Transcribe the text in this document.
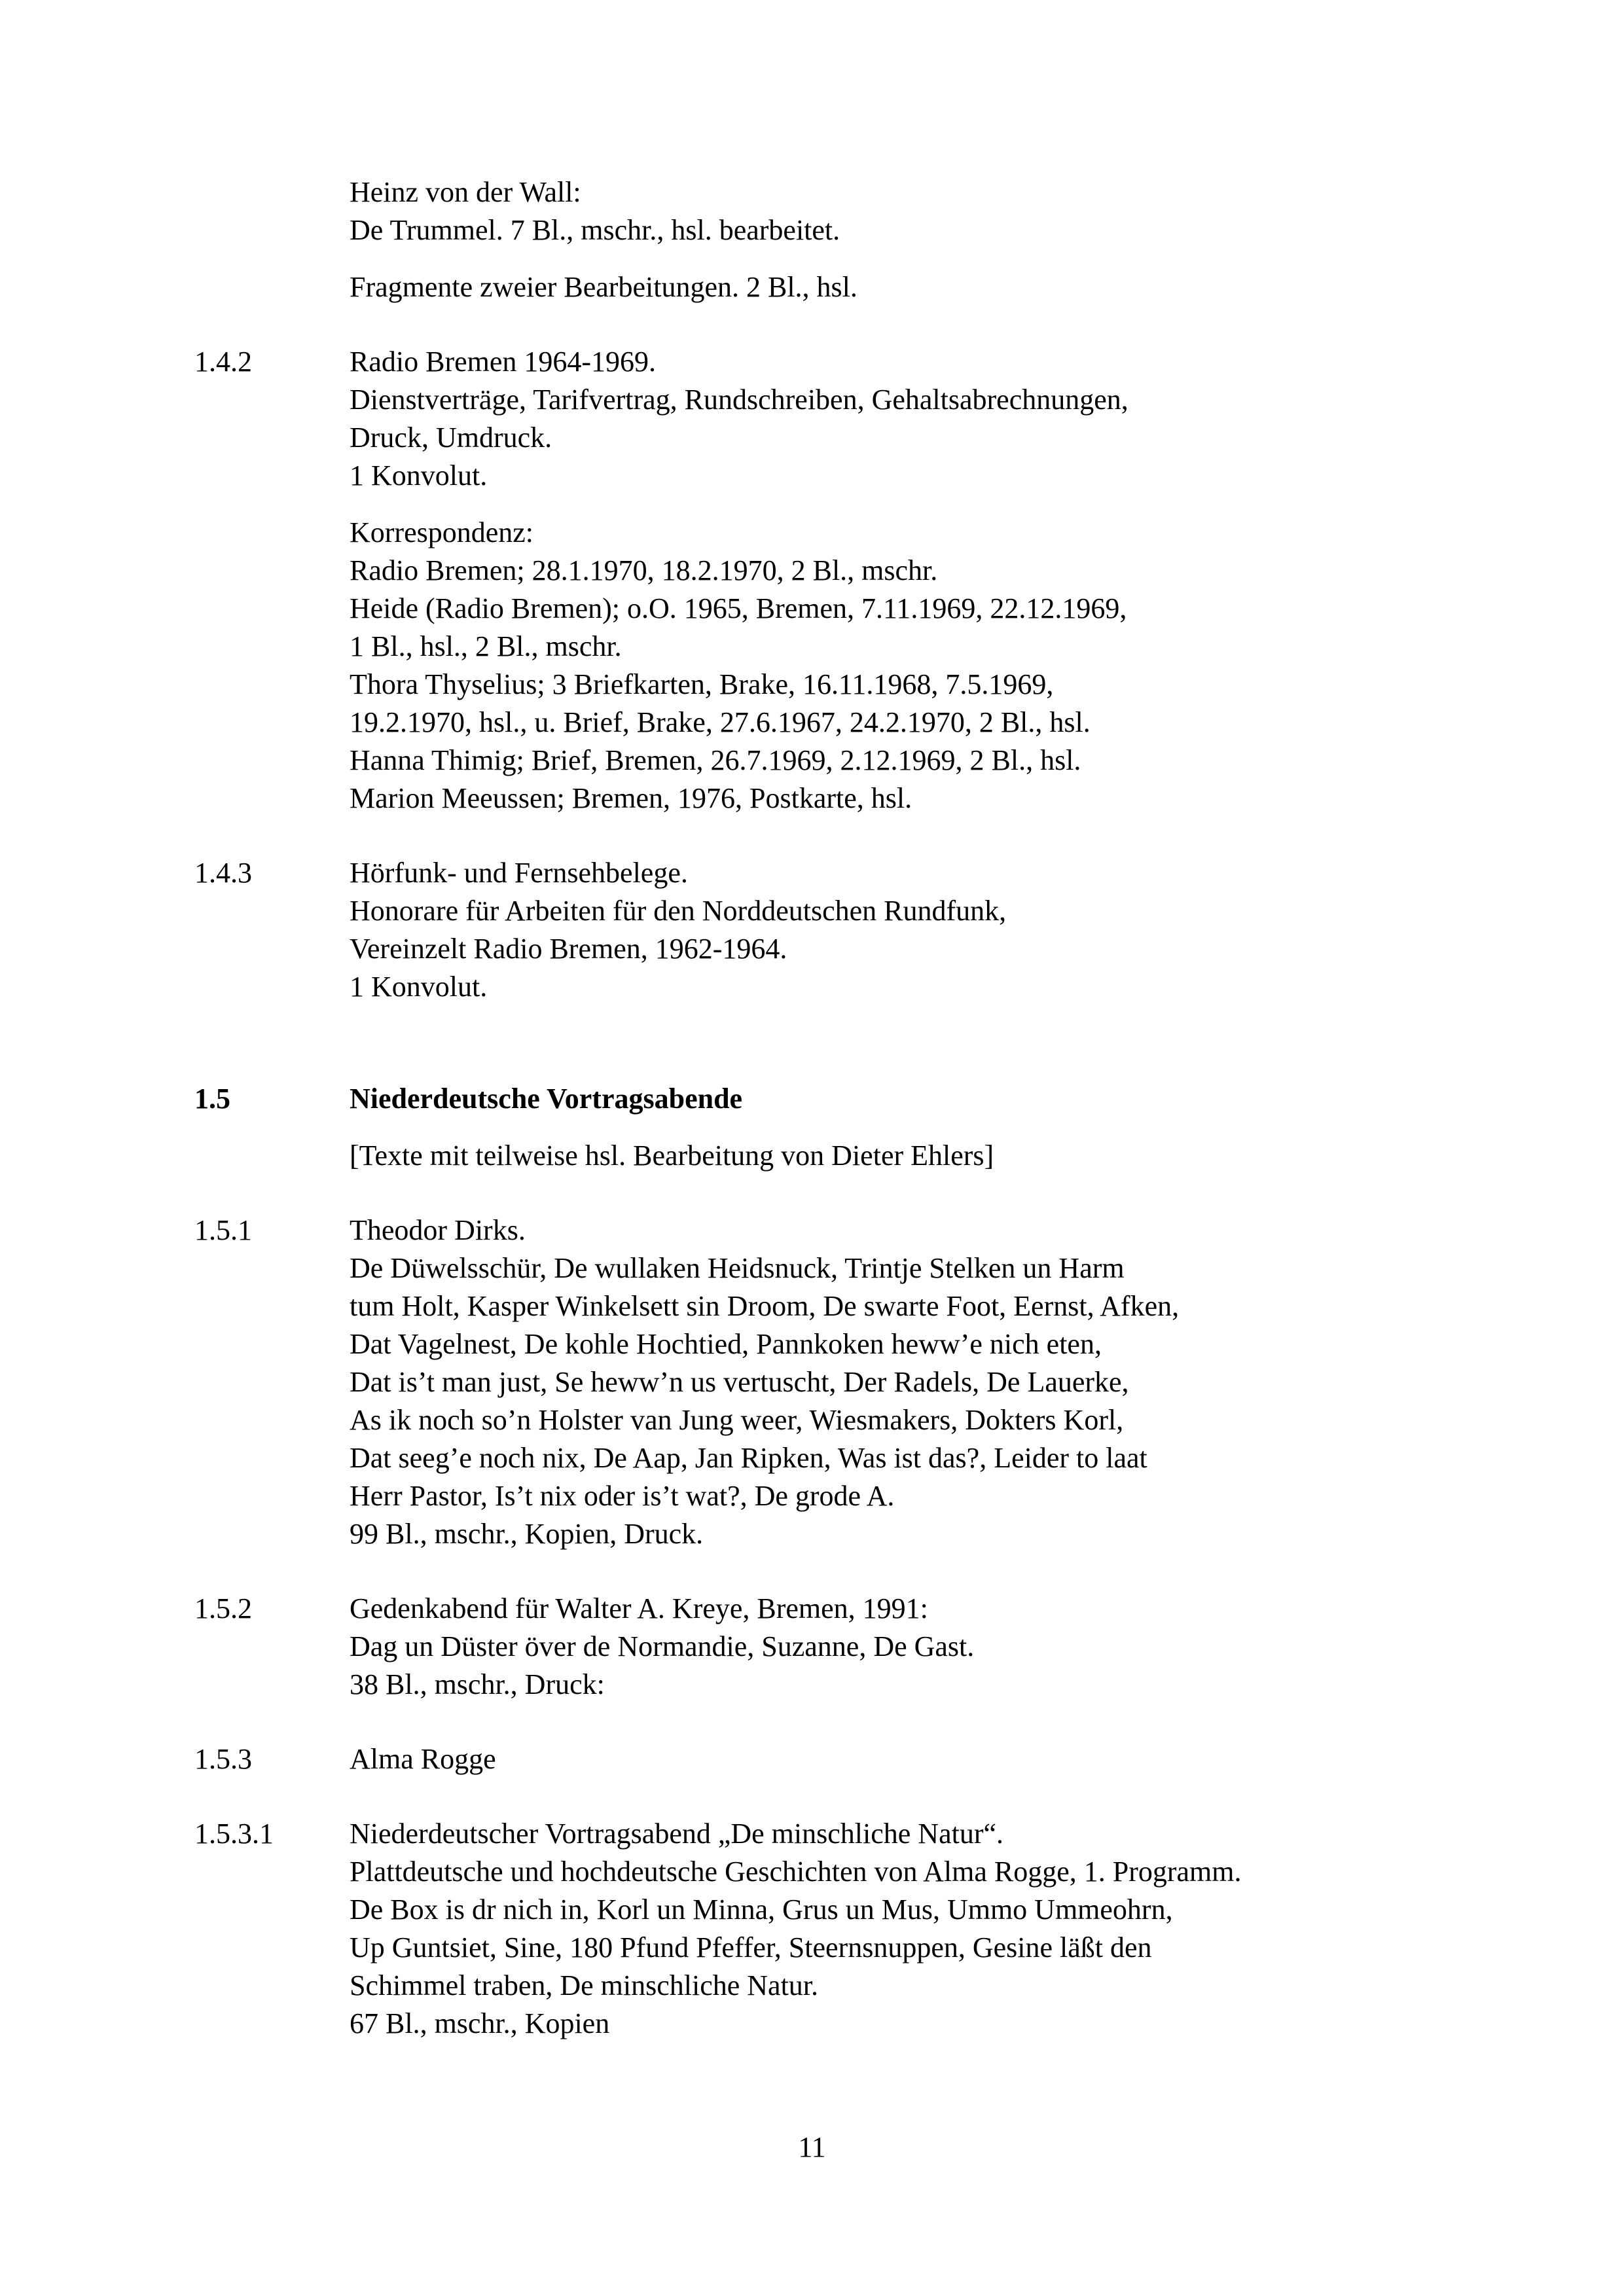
Heinz von der Wall:
De Trummel. 7 Bl., mschr., hsl. bearbeitet.
Fragmente zweier Bearbeitungen. 2 Bl., hsl.
1.4.2	Radio Bremen 1964-1969.
Dienstverträge, Tarifvertrag, Rundschreiben, Gehaltsabrechnungen,
Druck, Umdruck.
1 Konvolut.
Korrespondenz:
Radio Bremen; 28.1.1970, 18.2.1970, 2 Bl., mschr.
Heide (Radio Bremen); o.O. 1965, Bremen, 7.11.1969, 22.12.1969,
1 Bl., hsl., 2 Bl., mschr.
Thora Thyselius; 3 Briefkarten, Brake, 16.11.1968, 7.5.1969,
19.2.1970, hsl., u. Brief, Brake, 27.6.1967, 24.2.1970, 2 Bl., hsl.
Hanna Thimig; Brief, Bremen, 26.7.1969, 2.12.1969, 2 Bl., hsl.
Marion Meeussen; Bremen, 1976, Postkarte, hsl.
1.4.3	Hörfunk- und Fernsehbelege.
Honorare für Arbeiten für den Norddeutschen Rundfunk,
Vereinzelt Radio Bremen, 1962-1964.
1 Konvolut.
1.5	Niederdeutsche Vortragsabende
[Texte mit teilweise hsl. Bearbeitung von Dieter Ehlers]
1.5.1	Theodor Dirks.
De Düwelsschür, De wullaken Heidsnuck, Trintje Stelken un Harm
tum Holt, Kasper Winkelsett sin Droom, De swarte Foot, Eernst, Afken,
Dat Vagelnest, De kohle Hochtied, Pannkoken heww’e nich eten,
Dat is’t man just, Se heww’n us vertuscht, Der Radels, De Lauerke,
As ik noch so’n Holster van Jung weer, Wiesmakers, Dokters Korl,
Dat seeg’e noch nix, De Aap, Jan Ripken, Was ist das?, Leider to laat
Herr Pastor, Is’t nix oder is’t wat?, De grode A.
99 Bl., mschr., Kopien, Druck.
1.5.2	Gedenkabend für Walter A. Kreye, Bremen, 1991:
Dag un Düster över de Normandie, Suzanne, De Gast.
38 Bl., mschr., Druck:
1.5.3	Alma Rogge
1.5.3.1	Niederdeutscher Vortragsabend „De minschliche Natur“.
Plattdeutsche und hochdeutsche Geschichten von Alma Rogge, 1. Programm.
De Box is dr nich in, Korl un Minna, Grus un Mus, Ummo Ummeohrn,
Up Guntsiet, Sine, 180 Pfund Pfeffer, Steernsnuppen, Gesine läßt den
Schimmel traben, De minschliche Natur.
67 Bl., mschr., Kopien
11
